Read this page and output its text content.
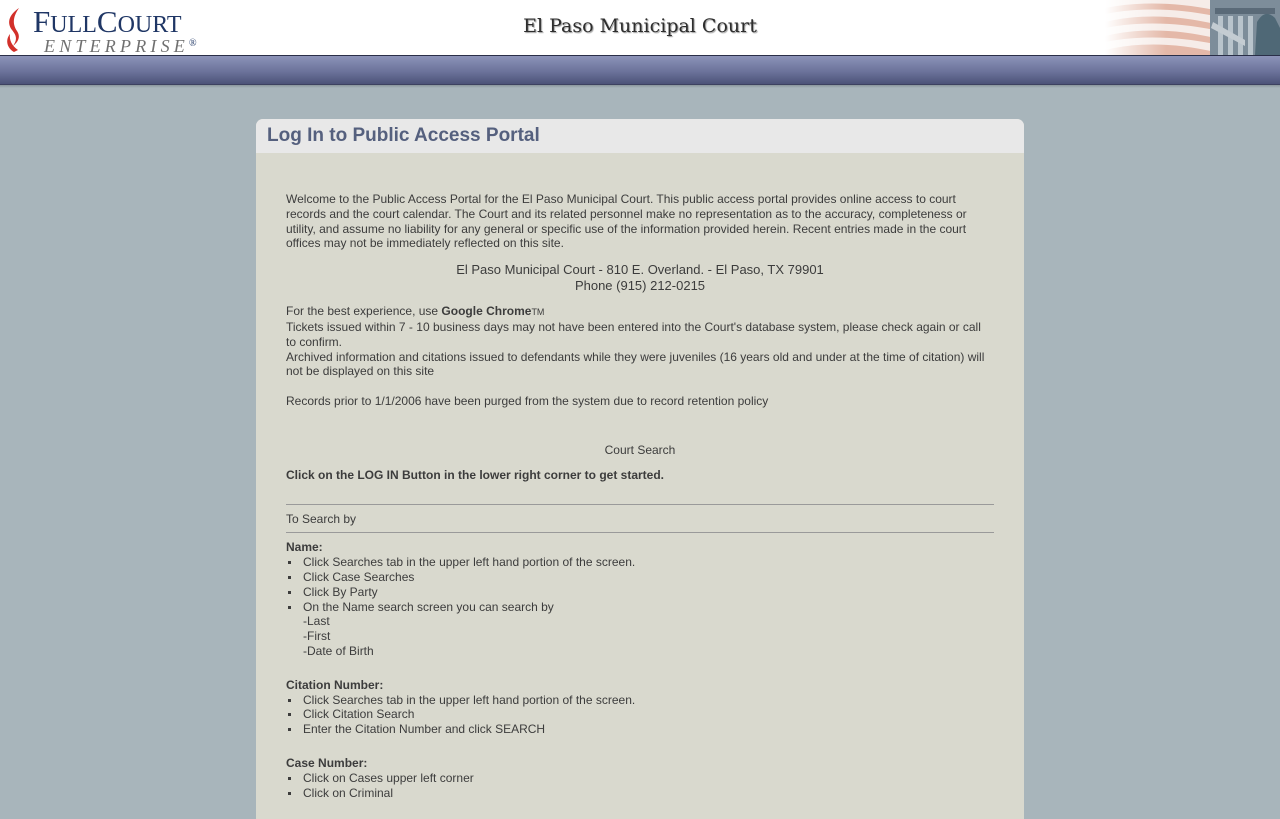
FULLCOURT
ENTERPRISE®
El Paso Municipal Court
Log In to Public Access Portal

Welcome to the Public Access Portal for the El Paso Municipal Court. This public access portal provides online access to court records and the court calendar. The Court and its related personnel make no representation as to the accuracy, completeness or utility, and assume no liability for any general or specific use of the information provided herein. Recent entries made in the court offices may not be immediately reflected on this site.

El Paso Municipal Court - 810 E. Overland. - El Paso, TX 79901
Phone (915) 212-0215
For the best experience, use Google ChromeTM
Tickets issued within 7 - 10 business days may not have been entered into the Court's database system, please check again or call to confirm.
Archived information and citations issued to defendants while they were juveniles (16 years old and under at the time of citation) will not be displayed on this site
Records prior to 1/1/2006 have been purged from the system due to record retention policy
Court Search
Click on the LOG IN Button in the lower right corner to get started.
To Search by
Name:
Click Searches tab in the upper left hand portion of the screen.
Click Case Searches
Click By Party
On the Name search screen you can search by
-Last
-First
-Date of Birth
Citation Number:
Click Searches tab in the upper left hand portion of the screen.
Click Citation Search
Enter the Citation Number and click SEARCH
Case Number:
Click on Cases upper left corner
Click on Criminal
